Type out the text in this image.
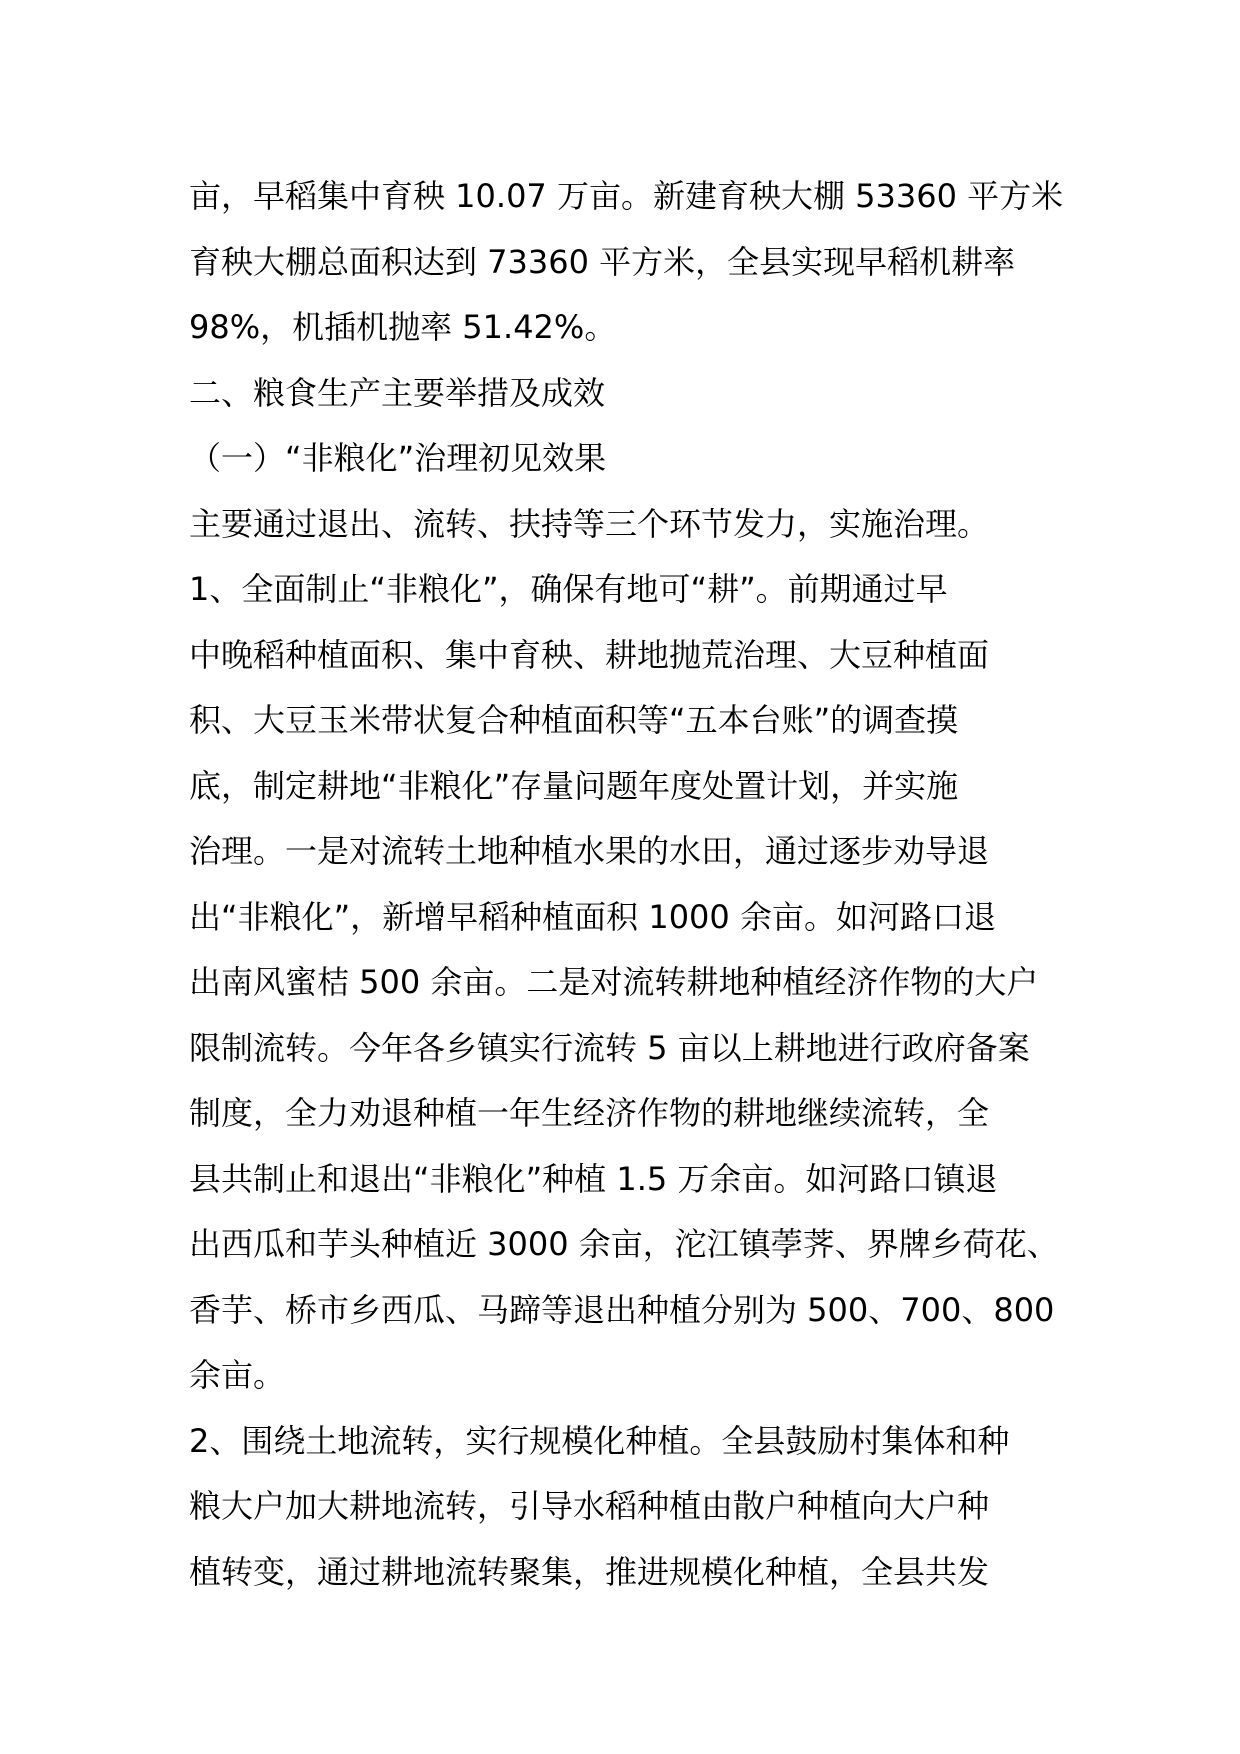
亩，早稻集中育秧 10.07 万亩。新建育秧大棚 53360 平方米
育秧大棚总面积达到 73360 平方米，全县实现早稻机耕率
98%，机插机抛率 51.42%。
二、粮食生产主要举措及成效
（一）“非粮化”治理初见效果
主要通过退出、流转、扶持等三个环节发力，实施治理。
1、全面制止“非粮化”，确保有地可“耕”。前期通过早
中晚稻种植面积、集中育秧、耕地抛荒治理、大豆种植面
积、大豆玉米带状复合种植面积等“五本台账”的调查摸
底，制定耕地“非粮化”存量问题年度处置计划，并实施
治理。一是对流转土地种植水果的水田，通过逐步劝导退
出“非粮化”，新增早稻种植面积 1000 余亩。如河路口退
出南风蜜桔 500 余亩。二是对流转耕地种植经济作物的大户
限制流转。今年各乡镇实行流转 5 亩以上耕地进行政府备案
制度，全力劝退种植一年生经济作物的耕地继续流转，全
县共制止和退出“非粮化”种植 1.5 万余亩。如河路口镇退
出西瓜和芋头种植近 3000 余亩，沱江镇荸荠、界牌乡荷花、
香芋、桥市乡西瓜、马蹄等退出种植分别为 500、700、800
余亩。
2、围绕土地流转，实行规模化种植。全县鼓励村集体和种
粮大户加大耕地流转，引导水稻种植由散户种植向大户种
植转变，通过耕地流转聚集，推进规模化种植，全县共发
